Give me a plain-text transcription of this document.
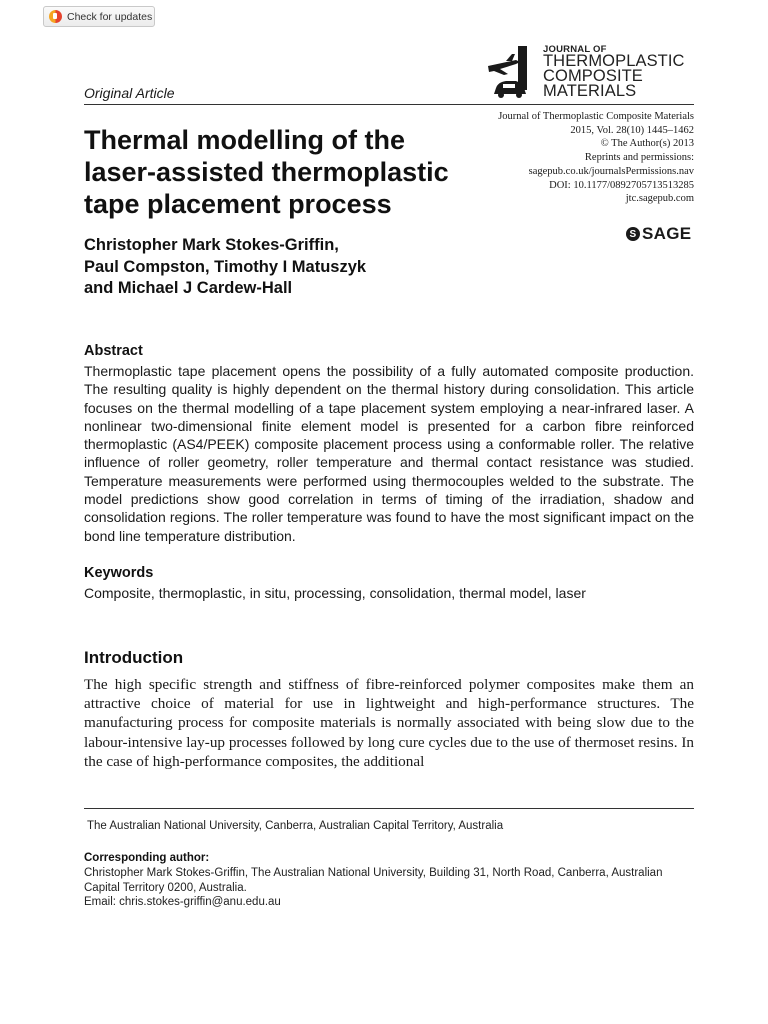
Check for updates
JOURNAL OF
THERMOPLASTIC
COMPOSITE
MATERIALS
Original Article
Journal of Thermoplastic Composite Materials
2015, Vol. 28(10) 1445–1462
© The Author(s) 2013
Reprints and permissions:
sagepub.co.uk/journalsPermissions.nav
DOI: 10.1177/0892705713513285
jtc.sagepub.com
S SAGE
Thermal modelling of the
laser-assisted thermoplastic
tape placement process
Christopher Mark Stokes-Griffin,
Paul Compston, Timothy I Matuszyk
and Michael J Cardew-Hall
Abstract
Thermoplastic tape placement opens the possibility of a fully automated composite production. The resulting quality is highly dependent on the thermal history during consolidation. This article focuses on the thermal modelling of a tape placement system employing a near-infrared laser. A nonlinear two-dimensional finite element model is presented for a carbon fibre reinforced thermoplastic (AS4/PEEK) composite placement process using a conformable roller. The relative influence of roller geometry, roller temperature and thermal contact resistance was studied. Temperature measurements were performed using thermocouples welded to the substrate. The model predictions show good correlation in terms of timing of the irradiation, shadow and consolidation regions. The roller temperature was found to have the most significant impact on the bond line temperature distribution.
Keywords
Composite, thermoplastic, in situ, processing, consolidation, thermal model, laser
Introduction
The high specific strength and stiffness of fibre-reinforced polymer composites make them an attractive choice of material for use in lightweight and high-performance structures. The manufacturing process for composite materials is normally associated with being slow due to the labour-intensive lay-up processes followed by long cure cycles due to the use of thermoset resins. In the case of high-performance composites, the additional
The Australian National University, Canberra, Australian Capital Territory, Australia
Corresponding author:
Christopher Mark Stokes-Griffin, The Australian National University, Building 31, North Road, Canberra, Australian Capital Territory 0200, Australia.
Email: chris.stokes-griffin@anu.edu.au
